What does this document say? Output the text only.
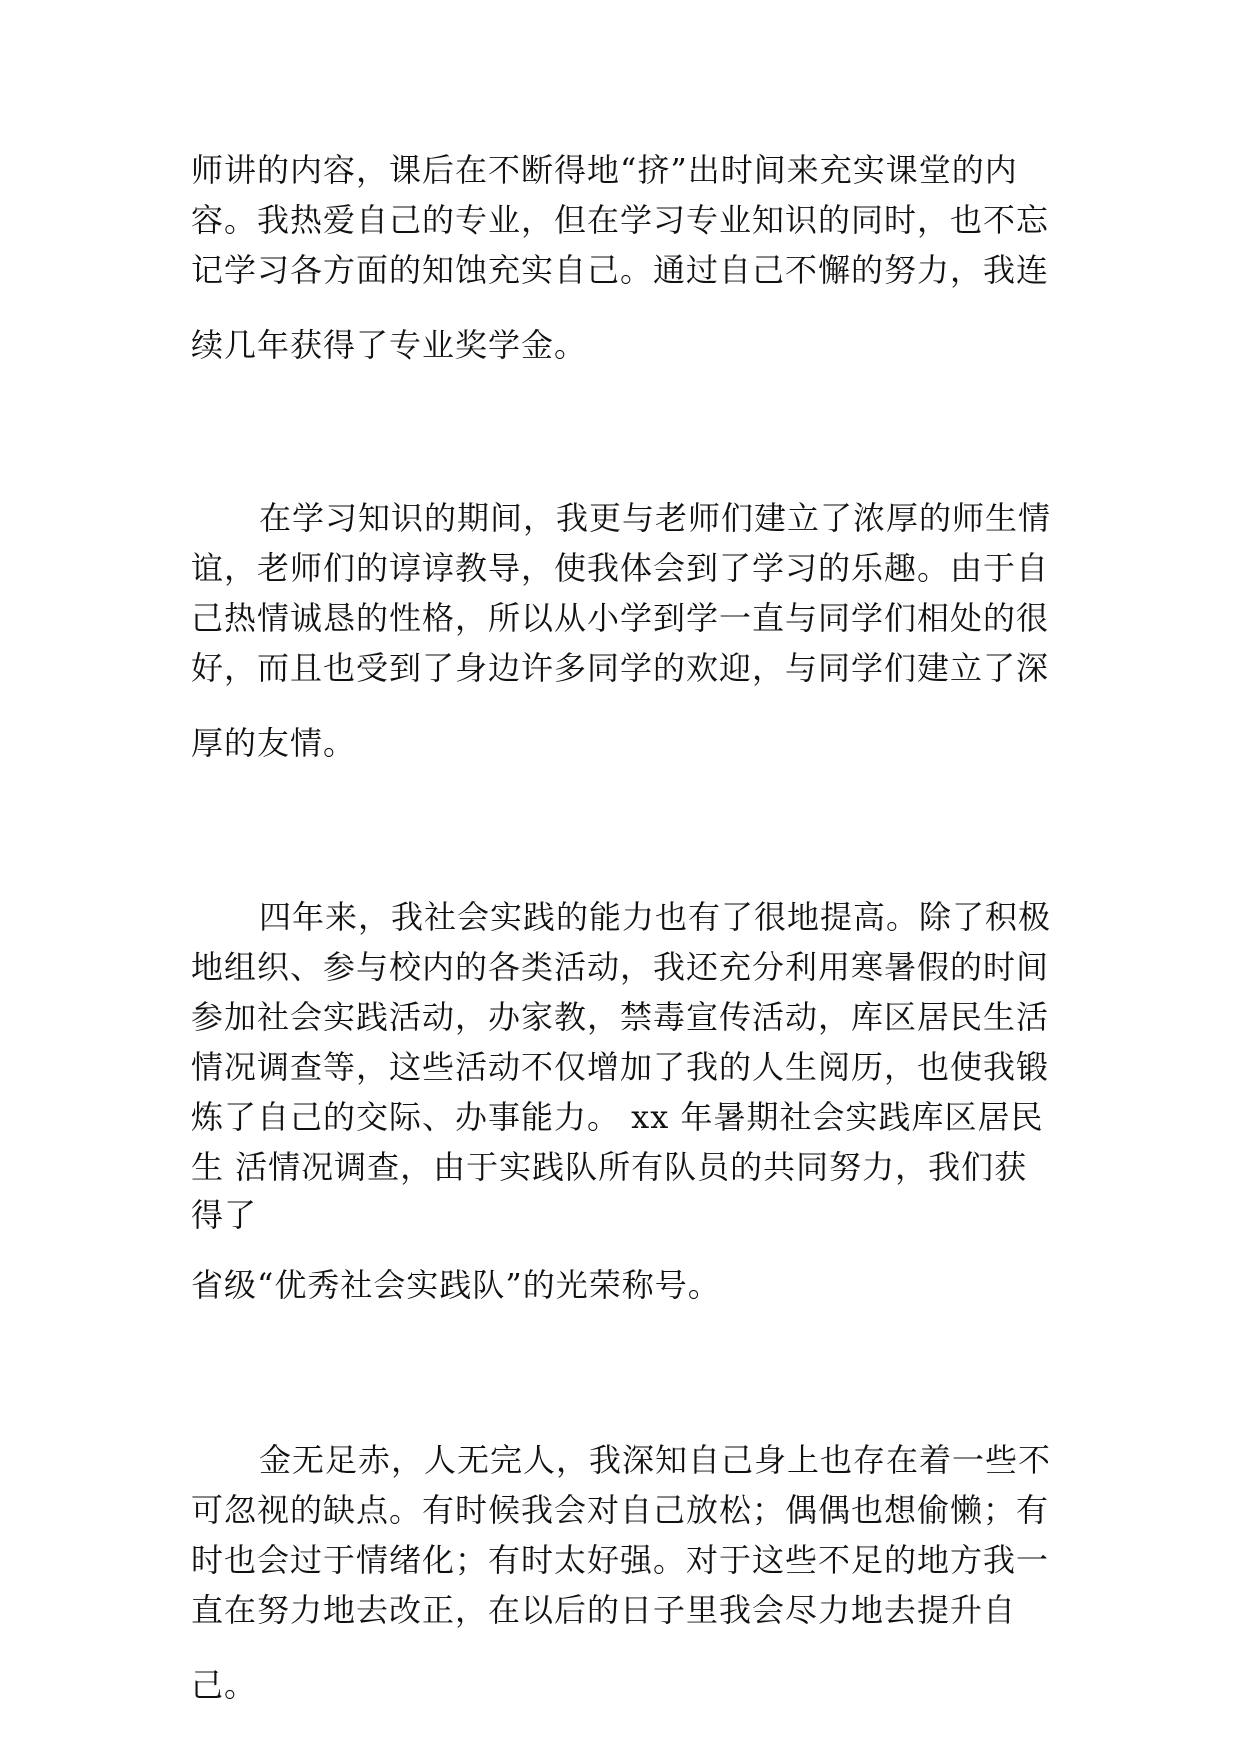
师讲的内容，课后在不断得地“挤”出时间来充实课堂的内
容。我热爱自己的专业，但在学习专业知识的同时，也不忘
记学习各方面的知蚀充实自己。通过自己不懈的努力，我连
续几年获得了专业奖学金。
在学习知识的期间，我更与老师们建立了浓厚的师生情
谊，老师们的谆谆教导，使我体会到了学习的乐趣。由于自
己热情诚恳的性格，所以从小学到学一直与同学们相处的很
好，而且也受到了身边许多同学的欢迎，与同学们建立了深
厚的友情。
四年来，我社会实践的能力也有了很地提高。除了积极
地组织、参与校内的各类活动，我还充分利用寒暑假的时间
参加社会实践活动，办家教，禁毒宣传活动，库区居民生活
情况调查等，这些活动不仅增加了我的人生阅历，也使我锻
炼了自己的交际、办事能力。 xx 年暑期社会实践库区居民
生 活情况调查，由于实践队所有队员的共同努力，我们获
得了
省级“优秀社会实践队”的光荣称号。
金无足赤，人无完人，我深知自己身上也存在着一些不
可忽视的缺点。有时候我会对自己放松；偶偶也想偷懒；有
时也会过于情绪化；有时太好强。对于这些不足的地方我一
直在努力地去改正，在以后的日子里我会尽力地去提升自
己。
